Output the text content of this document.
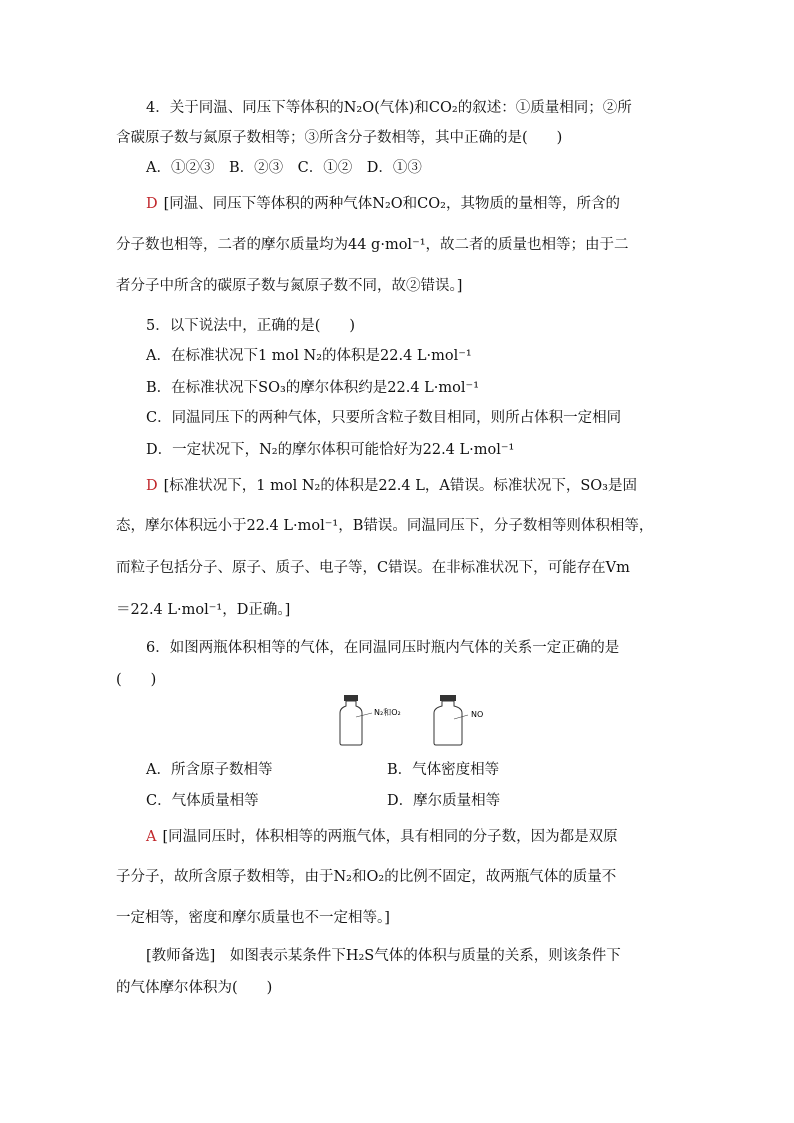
4．关于同温、同压下等体积的N₂O(气体)和CO₂的叙述：①质量相同；②所
含碳原子数与氮原子数相等；③所含分子数相等，其中正确的是(　　)
A．①②③　B．②③　C．①②　D．①③
D [同温、同压下等体积的两种气体N₂O和CO₂，其物质的量相等，所含的
分子数也相等，二者的摩尔质量均为44 g·mol⁻¹，故二者的质量也相等；由于二
者分子中所含的碳原子数与氮原子数不同，故②错误。]
5．以下说法中，正确的是(　　)
A．在标准状况下1 mol N₂的体积是22.4 L·mol⁻¹
B．在标准状况下SO₃的摩尔体积约是22.4 L·mol⁻¹
C．同温同压下的两种气体，只要所含粒子数目相同，则所占体积一定相同
D．一定状况下，N₂的摩尔体积可能恰好为22.4 L·mol⁻¹
D [标准状况下，1 mol N₂的体积是22.4 L，A错误。标准状况下，SO₃是固
态，摩尔体积远小于22.4 L·mol⁻¹，B错误。同温同压下，分子数相等则体积相等，
而粒子包括分子、原子、质子、电子等，C错误。在非标准状况下，可能存在Vm
＝22.4 L·mol⁻¹，D正确。]
6．如图两瓶体积相等的气体，在同温同压时瓶内气体的关系一定正确的是
(　　)
N₂和O₂	NO
A．所含原子数相等	B．气体密度相等
C．气体质量相等	D．摩尔质量相等
A [同温同压时，体积相等的两瓶气体，具有相同的分子数，因为都是双原
子分子，故所含原子数相等，由于N₂和O₂的比例不固定，故两瓶气体的质量不
一定相等，密度和摩尔质量也不一定相等。]
[教师备选]　如图表示某条件下H₂S气体的体积与质量的关系，则该条件下
的气体摩尔体积为(　　)
